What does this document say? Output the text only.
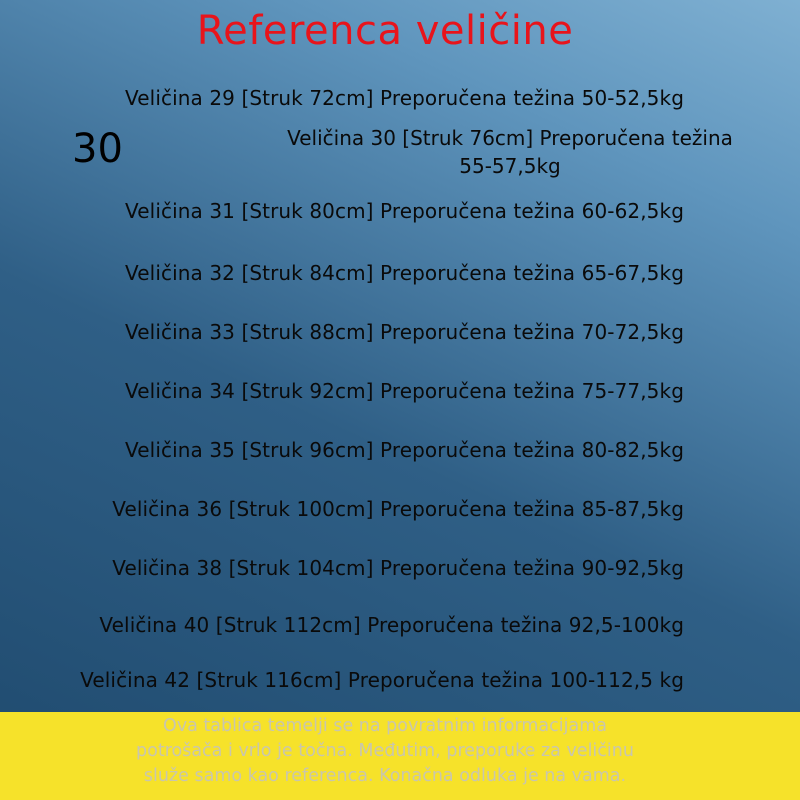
Referenca veličine
30
Veličina 29 [Struk 72cm] Preporučena težina 50-52,5kg
Veličina 30 [Struk 76cm] Preporučena težina
55-57,5kg
Veličina 31 [Struk 80cm] Preporučena težina 60-62,5kg
Veličina 32 [Struk 84cm] Preporučena težina 65-67,5kg
Veličina 33 [Struk 88cm] Preporučena težina 70-72,5kg
Veličina 34 [Struk 92cm] Preporučena težina 75-77,5kg
Veličina 35 [Struk 96cm] Preporučena težina 80-82,5kg
Veličina 36 [Struk 100cm] Preporučena težina 85-87,5kg
Veličina 38 [Struk 104cm] Preporučena težina 90-92,5kg
Veličina 40 [Struk 112cm] Preporučena težina 92,5-100kg
Veličina 42 [Struk 116cm] Preporučena težina 100-112,5 kg
Ova tablica temelji se na povratnim informacijama
potrošača i vrlo je točna. Međutim, preporuke za veličinu
služe samo kao referenca. Konačna odluka je na vama.
